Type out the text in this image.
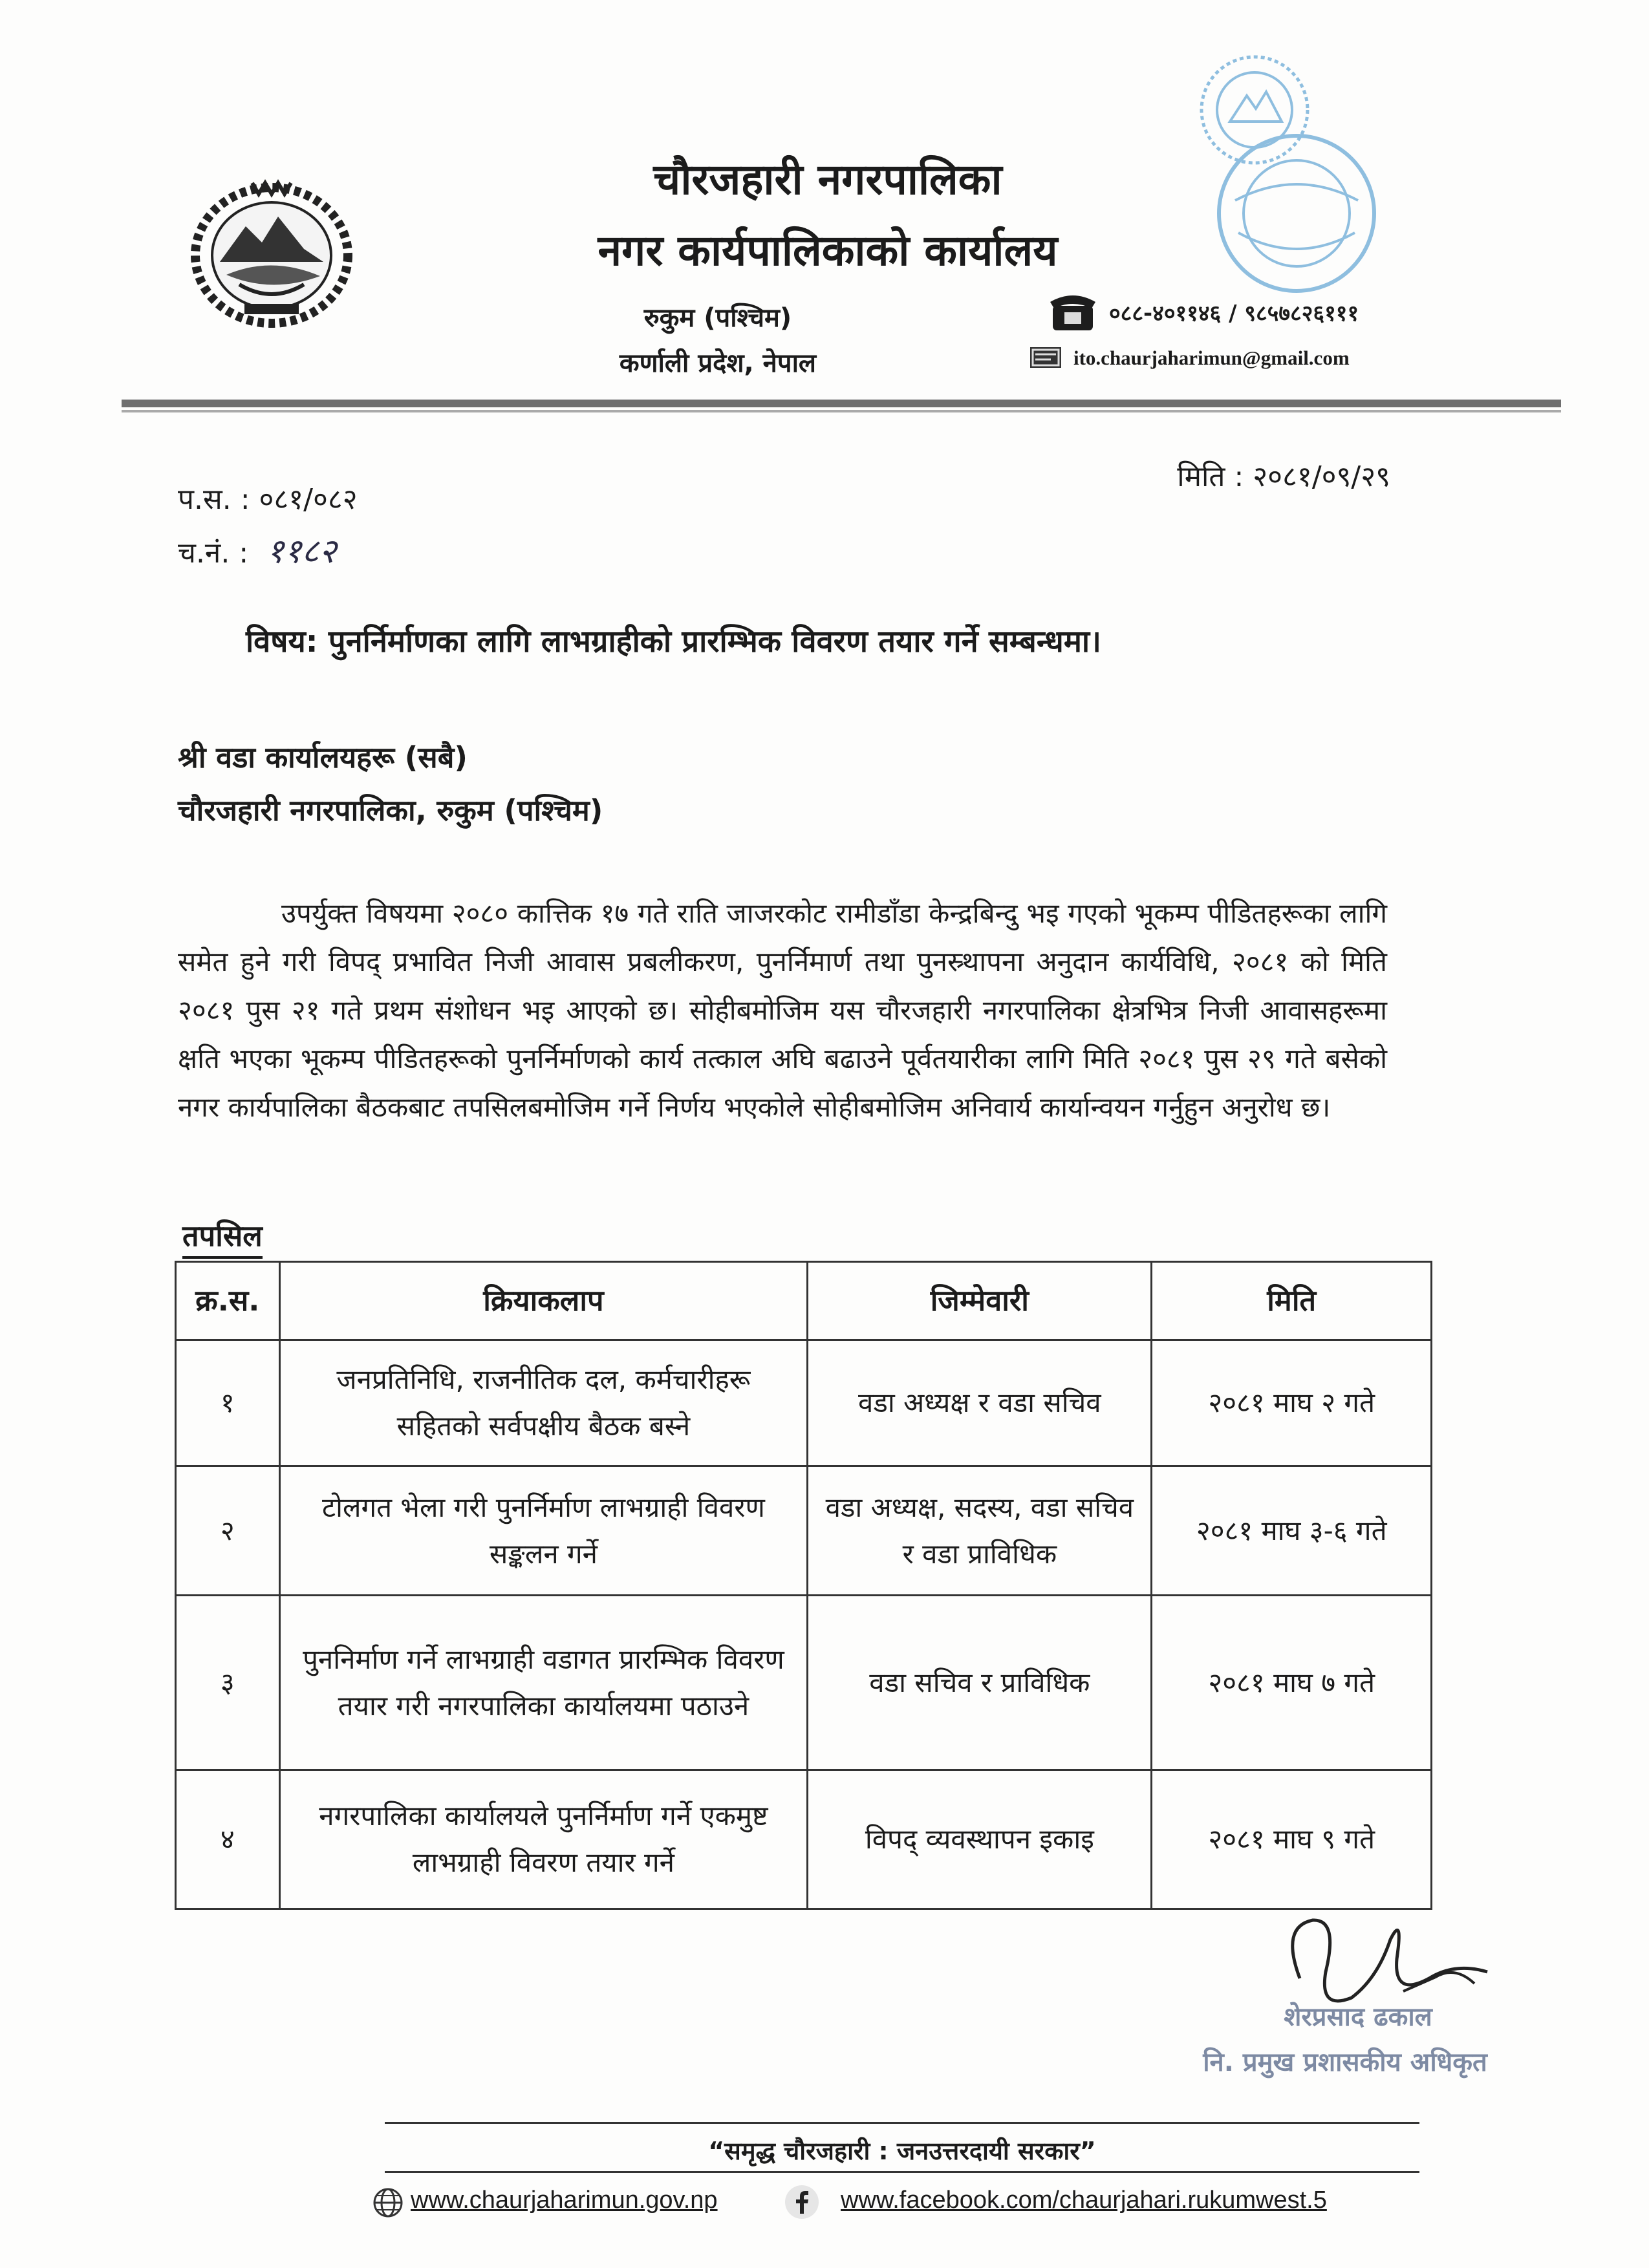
चौरजहारी नगरपालिका
नगर कार्यपालिकाको कार्यालय
रुकुम (पश्चिम)
कर्णाली प्रदेश, नेपाल
०८८-४०११४६ / ९८५७८२६१११
ito.chaurjaharimun@gmail.com
प.स. : ०८१/०८२
च.नं. : ११८२
मिति : २०८१/०९/२९
विषय: पुनर्निर्माणका लागि लाभग्राहीको प्रारम्भिक विवरण तयार गर्ने सम्बन्धमा।
श्री वडा कार्यालयहरू (सबै)
चौरजहारी नगरपालिका, रुकुम (पश्चिम)
उपर्युक्त विषयमा २०८० कात्तिक १७ गते राति जाजरकोट रामीडाँडा केन्द्रबिन्दु भइ गएको भूकम्प पीडितहरूका लागि समेत हुने गरी विपद् प्रभावित निजी आवास प्रबलीकरण, पुनर्निमार्ण तथा पुनस्र्थापना अनुदान कार्यविधि, २०८१ को मिति २०८१ पुस २१ गते प्रथम संशोधन भइ आएको छ। सोहीबमोजिम यस चौरजहारी नगरपालिका क्षेत्रभित्र निजी आवासहरूमा क्षति भएका भूकम्प पीडितहरूको पुनर्निर्माणको कार्य तत्काल अघि बढाउने पूर्वतयारीका लागि मिति २०८१ पुस २९ गते बसेको नगर कार्यपालिका बैठकबाट तपसिलबमोजिम गर्ने निर्णय भएकोले सोहीबमोजिम अनिवार्य कार्यान्वयन गर्नुहुन अनुरोध छ।
तपसिल
क्र.स.	क्रियाकलाप	जिम्मेवारी	मिति
१	जनप्रतिनिधि, राजनीतिक दल, कर्मचारीहरू सहितको सर्वपक्षीय बैठक बस्ने	वडा अध्यक्ष र वडा सचिव	२०८१ माघ २ गते
२	टोलगत भेला गरी पुनर्निर्माण लाभग्राही विवरण सङ्कलन गर्ने	वडा अध्यक्ष, सदस्य, वडा सचिव र वडा प्राविधिक	२०८१ माघ ३-६ गते
३	पुननिर्माण गर्ने लाभग्राही वडागत प्रारम्भिक विवरण तयार गरी नगरपालिका कार्यालयमा पठाउने	वडा सचिव र प्राविधिक	२०८१ माघ ७ गते
४	नगरपालिका कार्यालयले पुनर्निर्माण गर्ने एकमुष्ट लाभग्राही विवरण तयार गर्ने	विपद् व्यवस्थापन इकाइ	२०८१ माघ ९ गते
शेरप्रसाद ढकाल
नि. प्रमुख प्रशासकीय अधिकृत
“समृद्ध चौरजहारी : जनउत्तरदायी सरकार”
www.chaurjaharimun.gov.np	www.facebook.com/chaurjahari.rukumwest.5
